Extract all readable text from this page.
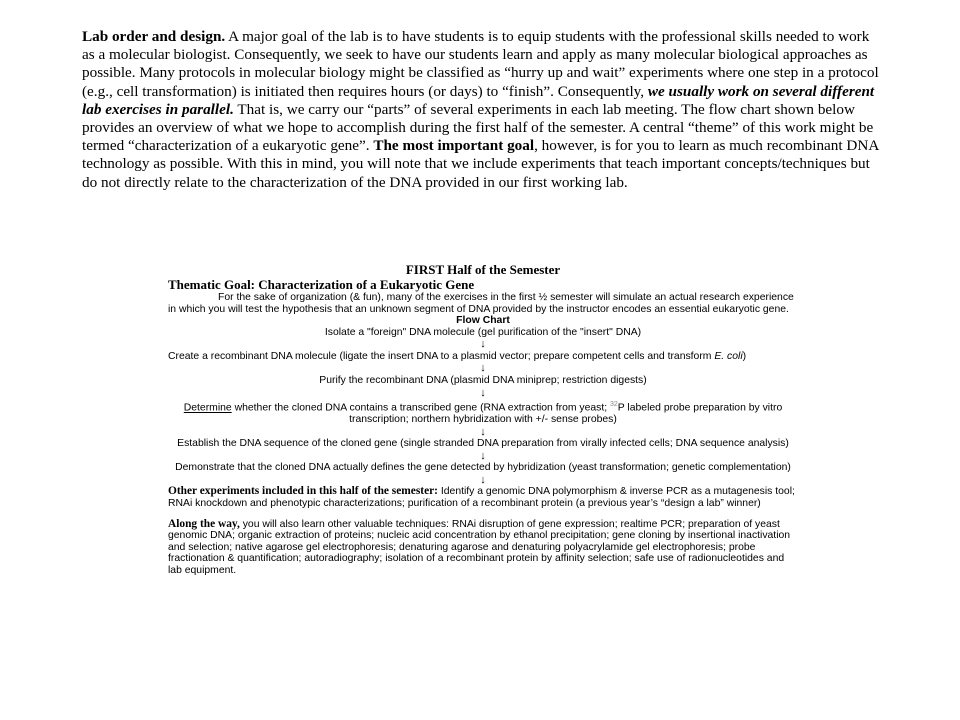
Lab order and design. A major goal of the lab is to have students is to equip students with the professional skills needed to work as a molecular biologist. Consequently, we seek to have our students learn and apply as many molecular biological approaches as possible. Many protocols in molecular biology might be classified as “hurry up and wait” experiments where one step in a protocol (e.g., cell transformation) is initiated then requires hours (or days) to “finish”. Consequently, we usually work on several different lab exercises in parallel. That is, we carry our “parts” of several experiments in each lab meeting. The flow chart shown below provides an overview of what we hope to accomplish during the first half of the semester. A central “theme” of this work might be termed “characterization of a eukaryotic gene”. The most important goal, however, is for you to learn as much recombinant DNA technology as possible. With this in mind, you will note that we include experiments that teach important concepts/techniques but do not directly relate to the characterization of the DNA provided in our first working lab.

FIRST Half of the Semester
Thematic Goal: Characterization of a Eukaryotic Gene
For the sake of organization (& fun), many of the exercises in the first ½ semester will simulate an actual research experience in which you will test the hypothesis that an unknown segment of DNA provided by the instructor encodes an essential eukaryotic gene.
Flow Chart
Isolate a "foreign" DNA molecule (gel purification of the "insert" DNA)
↓
Create a recombinant DNA molecule (ligate the insert DNA to a plasmid vector; prepare competent cells and transform E. coli)
↓
Purify the recombinant DNA (plasmid DNA miniprep; restriction digests)
↓
Determine whether the cloned DNA contains a transcribed gene (RNA extraction from yeast; $^{32}$P labeled probe preparation by vitro transcription; northern hybridization with +/- sense probes)
↓
Establish the DNA sequence of the cloned gene (single stranded DNA preparation from virally infected cells; DNA sequence analysis)
↓
Demonstrate that the cloned DNA actually defines the gene detected by hybridization (yeast transformation; genetic complementation)
↓
Other experiments included in this half of the semester: Identify a genomic DNA polymorphism & inverse PCR as a mutagenesis tool; RNAi knockdown and phenotypic characterizations; purification of a recombinant protein (a previous year’s “design a lab” winner)
Along the way, you will also learn other valuable techniques: RNAi disruption of gene expression; realtime PCR; preparation of yeast genomic DNA; organic extraction of proteins; nucleic acid concentration by ethanol precipitation; gene cloning by insertional inactivation and selection; native agarose gel electrophoresis; denaturing agarose and denaturing polyacrylamide gel electrophoresis; probe fractionation & quantification; autoradiography; isolation of a recombinant protein by affinity selection; safe use of radionucleotides and lab equipment.
